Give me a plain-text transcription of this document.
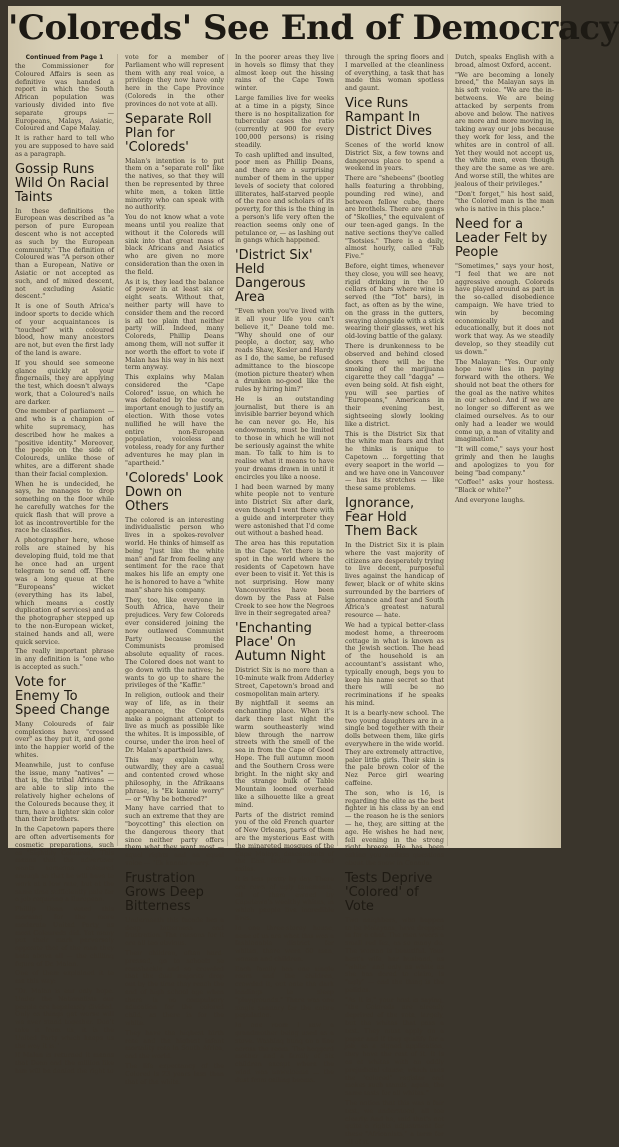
'Coloreds' See End of Democracy
Continued from Page 1
the Commissioner for Coloured Affairs is seen as definitive was handed a report in which the South African population was variously divided into five separate groups — Europeans, Malays, Asiatic, Coloured and Cape Malay.
It is rather hard to tell who you are supposed to have said as a paragraph.
Gossip Runs Wild On Racial Taints
In these definitions the European was described as "a person of pure European descent who is not accepted as such by the European community." The definition of Coloured was "A person other than a European, Native or Asiatic or not accepted as such, and of mixed descent, not excluding Asiatic descent."
It is one of South Africa's indoor sports to decide which of your acquaintances is "touched" with coloured blood, how many ancestors are not, but even the first lady of the land is aware.
If you should see someone glance quickly at your fingernails, they are applying the test, which doesn't always work, that a Coloured's nails are darker.
One member of parliament — and who is a champion of white supremacy, has described how he makes a "positive identity." Moreover, the people on the side of Coloureds, unlike those of whites, are a different shade than their facial complexion.
When he is undecided, he says, he manages to drop something on the floor while he carefully watches for the quick flash that will prove a lot as incontrovertible for the race he classifies.
A photographer here, whose rolls are stained by his developing fluid, told me that he once had an urgent telegram to send off. There was a long queue at the "Europeans" wicket (everything has its label, which means a costly duplication of services) and as the photographer stepped up to the non-European wicket, stained hands and all, were quick service.
The really important phrase in any definition is "one who is accepted as such."
Vote for Enemy To Speed Change
Many Coloureds of fair complexions have "crossed over" as they put it, and gone into the happier world of the whites.
Meanwhile, just to confuse the issue, many "natives" — that is, the tribal Africans — are able to slip into the relatively higher echelons of the Coloureds because they, it turn, have a lighter skin color than their brothers.
In the Capetown papers there are often advertisements for cosmetic preparations, such as "Sightlily Coloured." This means that the advertiser wants someone coloured enough so that he will have to work at a low rate, but at the same time sufficiently pale for a job requiring a European.
Phillip Dean voted this morning for the more moderate United Party, as most Coloureds did. Yet many put their mark perversely opposite that of the man they hate above all — the chilling figure of Dr. Malan.
One of them explained it to me this way:
"Dr. Malan is our only hope. Under the Nationalists our people are hopelessly divided. Only as things get worse will we ever stand together. Don't take it from us, it is the United Party which keeps us the way it is."
If Malan is returned it means that Dean and the million like him will be denied the right to
vote for a member of Parliament who will represent them with any real voice, a privilege they now have only here in the Cape Province (Coloreds in the other provinces do not vote at all).
Separate Roll Plan for 'Coloreds'
Malan's intention is to put them on a "separate roll" like the natives, so that they will then be represented by three white men, a token little minority who can speak with no authority.
You do not know what a vote means until you realize that without it the Coloreds will sink into that great mass of black Africans and Asiatics who are given no more consideration than the oxen in the field.
As it is, they lead the balance of power in at least six or eight seats. Without that, neither party will have to consider them and the record is all too plain that neither party will. Indeed, many Coloreds, Phillip Deans among them, will not suffer it nor worth the effort to vote if Malan has his way in his next term anyway.
This explains why Malan considered the "Cape Colored" issue, on which he was defeated by the courts, important enough to justify an election. With those votes nullified he will have the entire non-European population, voiceless and voteless, ready for any further adventures he may plan in "apartheid."
'Coloreds' Look Down on Others
The colored is an interesting individualistic person who lives in a spokes-revolver world. He thinks of himself as being "just like the white man" and far from feeling any sentiment for the race that makes his life an empty one he is honored to have a "white man" share his company.
They, too, like everyone in South Africa, have their prejudices. Very few Coloreds ever considered joining the now outlawed Communist Party because the Communists promised absolute equality of races. The Colored does not want to go down with the natives; he wants to go up to share the privileges of the "Kaffir."
In religion, outlook and their way of life, as in their appearance, the Coloreds make a poignant attempt to live as much as possible like the whites. It is impossible, of course, under the iron heel of Dr. Malan's apartheid laws.
This may explain why, outwardly, they are a casual and contented crowd whose philosophy, in the Afrikaans phrase, is "Ek kannie worry" — or "Why be bothered?"
Many have carried that to such an extreme that they are "boycotting" this election on the dangerous theory that since neither party offers them what they want most — equal rights and an equal voice — "Ek kannie worry."
Frustration Grows Deep Bitterness
Underneath this facade lies a deep bitterness and frustration. The reasons for it are all too obvious.
Their children, often hard-pressed, go to schools so ramshackle and so crowded that the dual majority drop out by the time they reach the end of high school age when there is no compulsory education for the colored child, as there is for the white.
They have the highest birth rate and the highest infant mortality rate in South Africa, and the world.
The life expectancy of the Colored is 23 years less than that of the white.
In the poorer areas they live in hovels so flimsy that they almost keep out the hissing rains of the Cape Town winter.
Large families live for weeks at a time in a pigsty, Since there is no hospitalization for tubercular cases the ratio (currently at 900 for every 100,000 persons) is rising steadily.
To cash uplifted and insulted, poor men as Phillip Deans, and there are a surprising number of them in the upper levels of society that colored illiterates, half-starved people of the race and scholars of its poverty, for this is the thing in a person's life very often the reaction seems only one of petulance or, — as lashing out in gangs which happened.
'District Six' Held Dangerous Area
"Even when you've lived with it all your life you can't believe it," Deane told me. "Why should one of our people, a doctor, say, who reads Shaw, Kesler and Hardy as I do, the same, be refused admittance to the bioscope (motion picture theater) when a drunken no-good like the rules by hiring him?"
He is an outstanding journalist, but there is an invisible barrier beyond which he can never go. He, his endowments, must be limited to those in which he will not be seriously against the white man. To talk to him is to realise what it means to have your dreams drawn in until it encircles you like a noose.
I had been warned by many white people not to venture into District Six after dark, even though I went there with a guide and interpreter they were astonished that I'd come out without a bashed head.
The area has this reputation in the Cape. Yet there is no spot in the world where the residents of Capetown have ever been to visit it. Yet this is not surprising. How many Vancouverites have been down by the Pass at False Creek to see how the Negroes live in their segregated area?
'Enchanting Place' On Autumn Night
District Six is no more than a 10-minute walk from Adderley Street, Capetown's broad and cosmopolitan main artery.
By nightfall it seems an enchanting place. When it's dark there last night the warm southeasterly wind blew through the narrow streets with the smell of the sea in from the Cape of Good Hope. The full autumn moon and the Southern Cross were bright. In the night sky and the strange bulk of Table Mountain loomed overhead like a silhouette like a great mind.
Parts of the district remind you of the old French quarter of New Orleans, parts of them are the mysterious East with the minareted mosques of the Cape Malays, descendants of the East Indian slaves and exiles.
It is less pretty by day. There are rows of ugly tenements, all of them owned by Capetown's wealthy whites, in which people live incredible lives.
In one three-storey house, none of us are what this was a fashionable district for whites, there were 60 men, women and children.
Each family has one single room and the children, crowded it, out onto the dark landings to sleep "playgrounds." There was one single sanitary for the entire population.
In one room I saw a grandmother being used as a stove. Washing hung on a line across the room. The haggard mother and a family of six children except where the wind was unwelcome ... the dust from ceiling beams.
through the spring floors and I marvelled at the cleanliness of everything, a task that has made this woman spotless and gaunt.
Vice Runs Rampant In District Dives
Scenes of the world know District Six, a few towns and dangerous place to spend a weekend in years.
There are "shebeens" (bootleg halls featuring a throbbing, pounding red wine), and between fellow cube, there are brothels. There are gangs of "Skollies," the equivalent of our teen-aged gangs. In the native sections they've called "Tsotsies." There is a daily, almost hourly, called "Fab Five."
Before, eight times, whenever they close, you will see heavy, rigid drinking in the 10 cellars of bars where wine is served (the "Tot" bars), in fact, as often as by the wine, on the grass in the gutters, swaying alongside with a stick wearing their glasses, wet his old-loving battle of the galaxy.
There is drunkenness to be observed and behind closed doors there will be the smoking of the marijuana cigarette they call "dagga" — even being sold. At fish eight, you will see parties of "Europeans," Americans in their evening best, sightseeing slowly looking like a district.
This is the District Six that the white man fears and that he thinks is unique to Capetown ... forgetting that every seaport in the world — and we have one in Vancouver — has its stretches — like these same problems.
Ignorance, Fear Hold Them Back
In the District Six it is plain where the vast majority of citizens are desperately trying to live decent, purposeful lives against the handicap of fewer, black or of white skins surrounded by the barriers of ignorance and fear and South Africa's greatest natural resource — hate.
We had a typical better-class modest home, a threeroom cottage in what is known as the Jewish section. The head of the household is an accountant's assistant who, typically enough, begs you to keep his name secret so that there will be no recriminations if he speaks his mind.
It is a bearly-new school. The two young daughters are in a single bed together with their dolls between them, like girls everywhere in the wide world. They are extremely attractive, paler little girls. Their skin is the pale brown color of the Nez Perce girl wearing caffeine.
The son, who is 16, is regarding the elite as the best fighter in his class by an end — the reason he is the seniors — he, they, are sitting at the age. He wishes he had new, fell evening in the strong right breeze. He has been asking you endless questions about the snow in Canada.
Tests Deprive 'Colored' of Vote
Two neighbors, who happen to be Malayans, have dropped in for a chat. The men wears a small red fez, as so many do. The woman is beautiful. Your host's wife, her husband, as "white" and only as white as she has dared to claim, is "ugly" — and the thing is the politics.
"As it is," your host is saying, "the Coloreds are already deprived of the vote, largely, but the whites that pass a test. They must apply on a paper and if they qualify for a job, as a signed application, they have the rest of it. It is as at whites with an oddly prejudicial clause, which uses the "colored" register and makes such stands, again, the same tests for all whites."
The notion that this was a fair test, we understood, all too clearly. And he, said that's not quite a rights adjustment for these "Africanists," a term for all of it.
Dutch, speaks English with a broad, almost Oxford, accent.
"We are becoming a lonely breed," the Malayan says in his soft voice. "We are the in-betweens. We are being attacked by serpents from above and below. The natives are more and more moving in, taking away our jobs because they work for less, and the whites are in control of all. Yet they would not accept us, the white men, even though they are the same as we are. And worse still, the whites are jealous of their privileges."
"Don't forget," his host said, "the Colored man is the man who is native in this place."
Need for a Leader Felt by People
"Sometimes," says your host, "I feel that we are not aggressive enough. Coloreds have played around as part in the so-called disobedience campaign. We have tried to win by becoming economically and educationally, but it does not work that way. As we steadily develop, so they steadily cut us down."
The Malayan: "Yes. Our only hope now lies in paying forward with the others. We should not beat the others for the goal as the native whites in our school. And if we are no longer so different as we claimed ourselves. As to our only had a leader we would come up, a man of vitality and imagination."
"It will come," says your host grimly and then he laughs and apologizes to you for being "bad company."
"Coffee!" asks your hostess. "Black or white?"
And everyone laughs.
